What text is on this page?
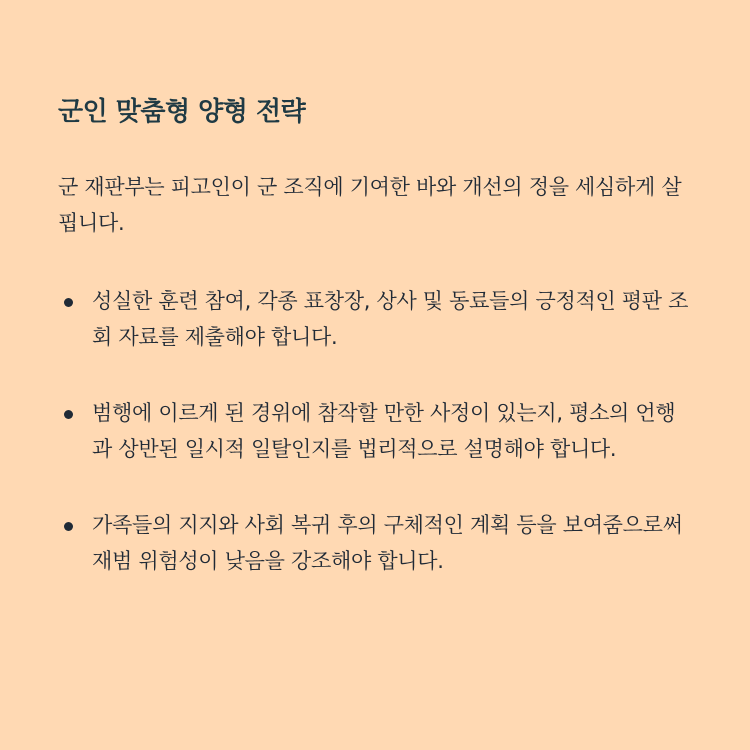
군인 맞춤형 양형 전략

군 재판부는 피고인이 군 조직에 기여한 바와 개선의 정을 세심하게 살핍니다.

성실한 훈련 참여, 각종 표창장, 상사 및 동료들의 긍정적인 평판 조회 자료를 제출해야 합니다.
범행에 이르게 된 경위에 참작할 만한 사정이 있는지, 평소의 언행과 상반된 일시적 일탈인지를 법리적으로 설명해야 합니다.
가족들의 지지와 사회 복귀 후의 구체적인 계획 등을 보여줌으로써 재범 위험성이 낮음을 강조해야 합니다.
